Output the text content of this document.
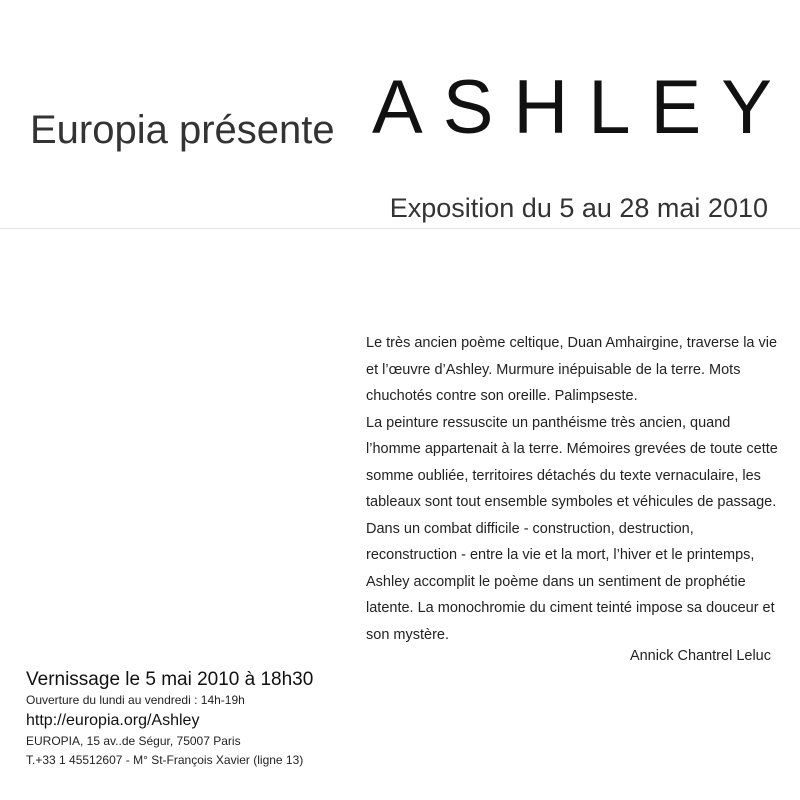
Europia présente ASHLEY
Exposition du 5 au 28 mai 2010

Le très ancien poème celtique, Duan Amhairgine, traverse la vie

et l’œuvre d’Ashley. Murmure inépuisable de la terre. Mots

chuchotés contre son oreille. Palimpseste.

La peinture ressuscite un panthéisme très ancien, quand

l’homme appartenait à la terre. Mémoires grevées de toute cette

somme oubliée, territoires détachés du texte vernaculaire, les

tableaux sont tout ensemble symboles et véhicules de passage.

Dans un combat difficile - construction, destruction,

reconstruction - entre la vie et la mort, l’hiver et le printemps,

Ashley accomplit le poème dans un sentiment de prophétie

latente. La monochromie du ciment teinté impose sa douceur et

son mystère.

Annick Chantrel Leluc
Vernissage le 5 mai 2010 à 18h30
Ouverture du lundi au vendredi : 14h-19h
http://europia.org/Ashley
EUROPIA, 15 av..de Ségur, 75007 Paris
T.+33 1 45512607 - M° St-François Xavier (ligne 13)
